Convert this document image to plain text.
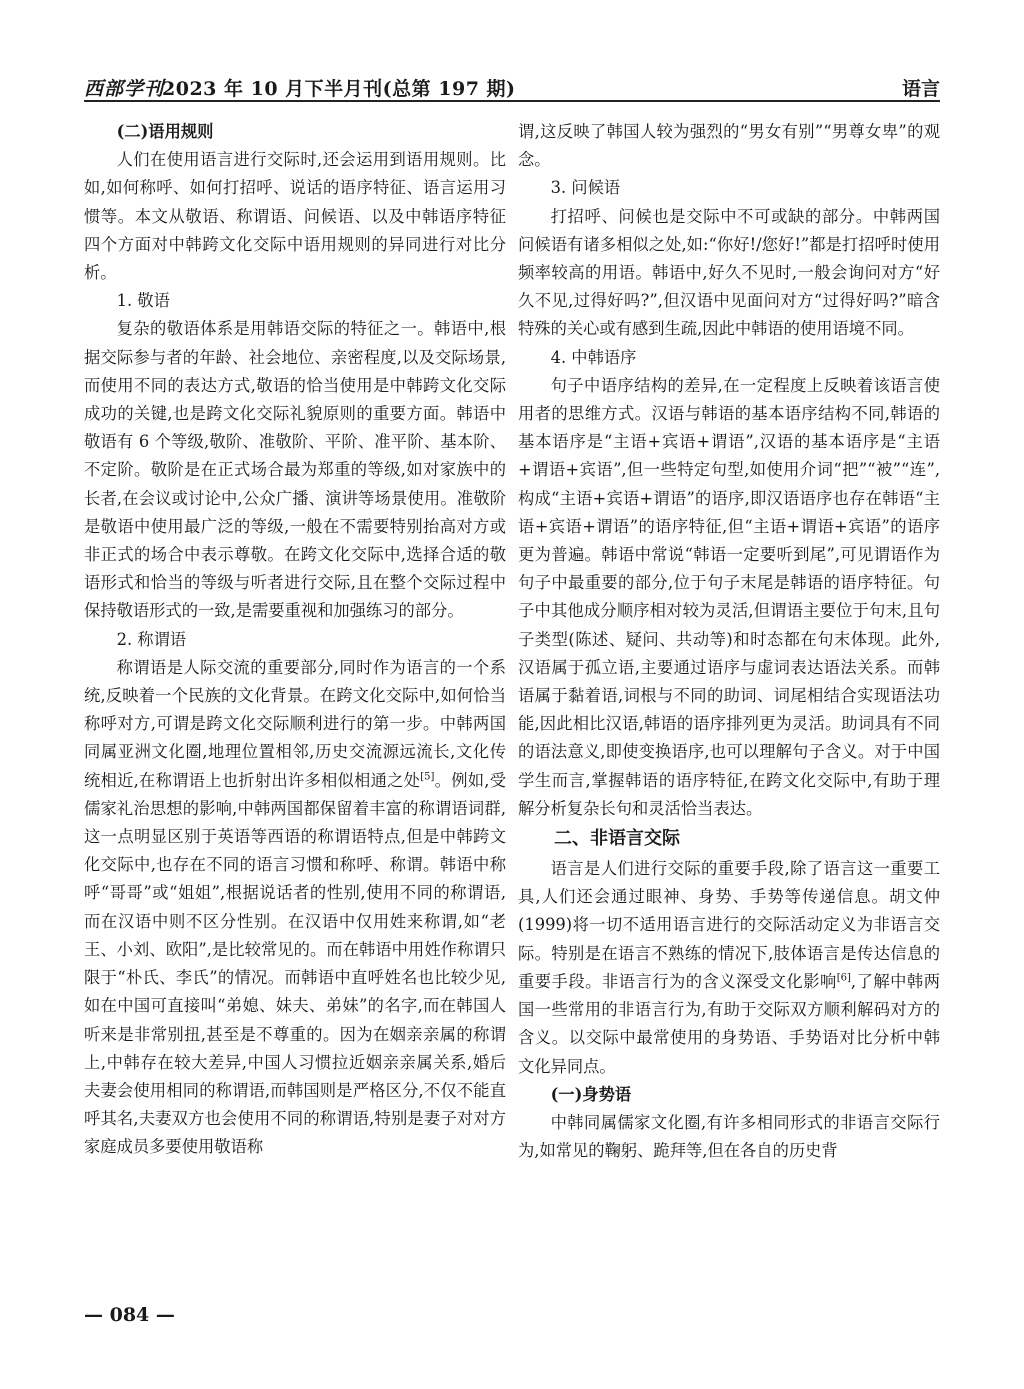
西部学刊
2023 年 10 月下半月刊(总第 197 期)	语言
(二)语用规则

人们在使用语言进行交际时,还会运用到语用规则。比如,如何称呼、如何打招呼、说话的语序特征、语言运用习惯等。本文从敬语、称谓语、问候语、以及中韩语序特征四个方面对中韩跨文化交际中语用规则的异同进行对比分析。

1. 敬语

复杂的敬语体系是用韩语交际的特征之一。韩语中,根据交际参与者的年龄、社会地位、亲密程度,以及交际场景,而使用不同的表达方式,敬语的恰当使用是中韩跨文化交际成功的关键,也是跨文化交际礼貌原则的重要方面。韩语中敬语有 6 个等级,敬阶、准敬阶、平阶、准平阶、基本阶、不定阶。敬阶是在正式场合最为郑重的等级,如对家族中的长者,在会议或讨论中,公众广播、演讲等场景使用。准敬阶是敬语中使用最广泛的等级,一般在不需要特别抬高对方或非正式的场合中表示尊敬。在跨文化交际中,选择合适的敬语形式和恰当的等级与听者进行交际,且在整个交际过程中保持敬语形式的一致,是需要重视和加强练习的部分。

2. 称谓语

称谓语是人际交流的重要部分,同时作为语言的一个系统,反映着一个民族的文化背景。在跨文化交际中,如何恰当称呼对方,可谓是跨文化交际顺利进行的第一步。中韩两国同属亚洲文化圈,地理位置相邻,历史交流源远流长,文化传统相近,在称谓语上也折射出许多相似相通之处[5]。例如,受儒家礼治思想的影响,中韩两国都保留着丰富的称谓语词群,这一点明显区别于英语等西语的称谓语特点,但是中韩跨文化交际中,也存在不同的语言习惯和称呼、称谓。韩语中称呼“哥哥”或“姐姐”,根据说话者的性别,使用不同的称谓语,而在汉语中则不区分性别。在汉语中仅用姓来称谓,如“老王、小刘、欧阳”,是比较常见的。而在韩语中用姓作称谓只限于“朴氏、李氏”的情况。而韩语中直呼姓名也比较少见,如在中国可直接叫“弟媳、妹夫、弟妹”的名字,而在韩国人听来是非常别扭,甚至是不尊重的。因为在姻亲亲属的称谓上,中韩存在较大差异,中国人习惯拉近姻亲亲属关系,婚后夫妻会使用相同的称谓语,而韩国则是严格区分,不仅不能直呼其名,夫妻双方也会使用不同的称谓语,特别是妻子对对方家庭成员多要使用敬语称

谓,这反映了韩国人较为强烈的“男女有别”“男尊女卑”的观念。

3. 问候语

打招呼、问候也是交际中不可或缺的部分。中韩两国问候语有诸多相似之处,如:“你好!/您好!”都是打招呼时使用频率较高的用语。韩语中,好久不见时,一般会询问对方“好久不见,过得好吗?”,但汉语中见面问对方“过得好吗?”暗含特殊的关心或有感到生疏,因此中韩语的使用语境不同。

4. 中韩语序

句子中语序结构的差异,在一定程度上反映着该语言使用者的思维方式。汉语与韩语的基本语序结构不同,韩语的基本语序是“主语+宾语+谓语”,汉语的基本语序是“主语+谓语+宾语”,但一些特定句型,如使用介词“把”“被”“连”,构成“主语+宾语+谓语”的语序,即汉语语序也存在韩语“主语+宾语+谓语”的语序特征,但“主语+谓语+宾语”的语序更为普遍。韩语中常说“韩语一定要听到尾”,可见谓语作为句子中最重要的部分,位于句子末尾是韩语的语序特征。句子中其他成分顺序相对较为灵活,但谓语主要位于句末,且句子类型(陈述、疑问、共动等)和时态都在句末体现。此外,汉语属于孤立语,主要通过语序与虚词表达语法关系。而韩语属于黏着语,词根与不同的助词、词尾相结合实现语法功能,因此相比汉语,韩语的语序排列更为灵活。助词具有不同的语法意义,即使变换语序,也可以理解句子含义。对于中国学生而言,掌握韩语的语序特征,在跨文化交际中,有助于理解分析复杂长句和灵活恰当表达。

二、非语言交际

语言是人们进行交际的重要手段,除了语言这一重要工具,人们还会通过眼神、身势、手势等传递信息。胡文仲(1999)将一切不适用语言进行的交际活动定义为非语言交际。特别是在语言不熟练的情况下,肢体语言是传达信息的重要手段。非语言行为的含义深受文化影响[6],了解中韩两国一些常用的非语言行为,有助于交际双方顺利解码对方的含义。以交际中最常使用的身势语、手势语对比分析中韩文化异同点。

(一)身势语

中韩同属儒家文化圈,有许多相同形式的非语言交际行为,如常见的鞠躬、跪拜等,但在各自的历史背

— 084 —
